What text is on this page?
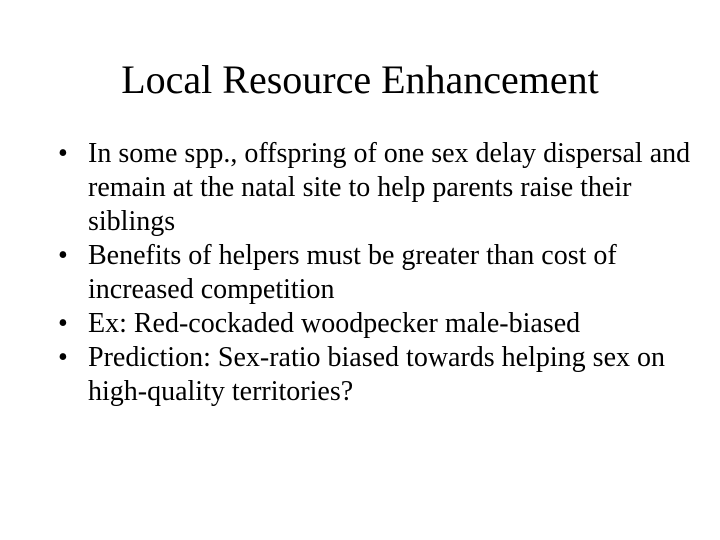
Local Resource Enhancement
• In some spp., offspring of one sex delay dispersal and remain at the natal site to help parents raise their siblings
• Benefits of helpers must be greater than cost of increased competition
• Ex: Red-cockaded woodpecker male-biased
• Prediction: Sex-ratio biased towards helping sex on high-quality territories?
